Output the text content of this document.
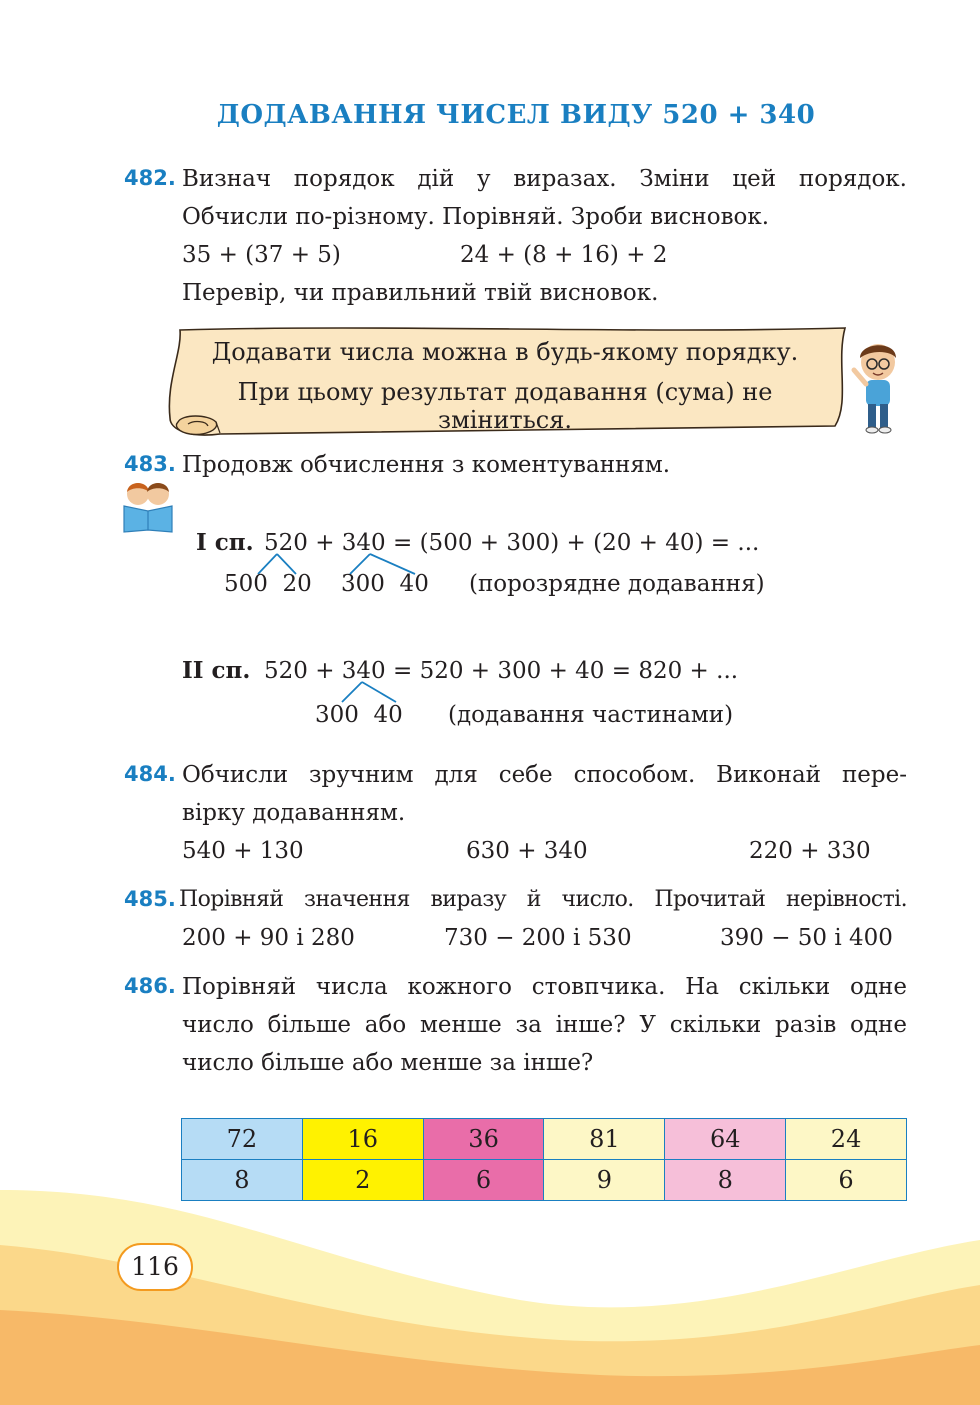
ДОДАВАННЯ ЧИСЕЛ ВИДУ 520 + 340
482. Визнач порядок дій у виразах. Зміни цей порядок.
Обчисли по-різному. Порівняй. Зроби висновок.
35 + (37 + 5)	24 + (8 + 16) + 2
Перевір, чи правильний твій висновок.
Додавати числа можна в будь-якому порядку.
При цьому результат додавання (сума) не зміниться.
483. Продовж обчислення з коментуванням.
І сп. 520 + 340 = (500 + 300) + (20 + 40) = ...
500  20    300  40 (порозрядне додавання)
ІІ сп. 520 + 340 = 520 + 300 + 40 = 820 + ...
300  40 (додавання частинами)
484. Обчисли зручним для себе способом. Виконай пере-
вірку додаванням.
540 + 130	630 + 340	220 + 330
485. Порівняй значення виразу й число. Прочитай нерівності.
200 + 90 і 280	730 − 200 і 530	390 − 50 і 400
486. Порівняй числа кожного стовпчика. На скільки одне
число більше або менше за інше? У скільки разів одне
число більше або менше за інше?
72	16	36	81	64	24
8	2	6	9	8	6
116
